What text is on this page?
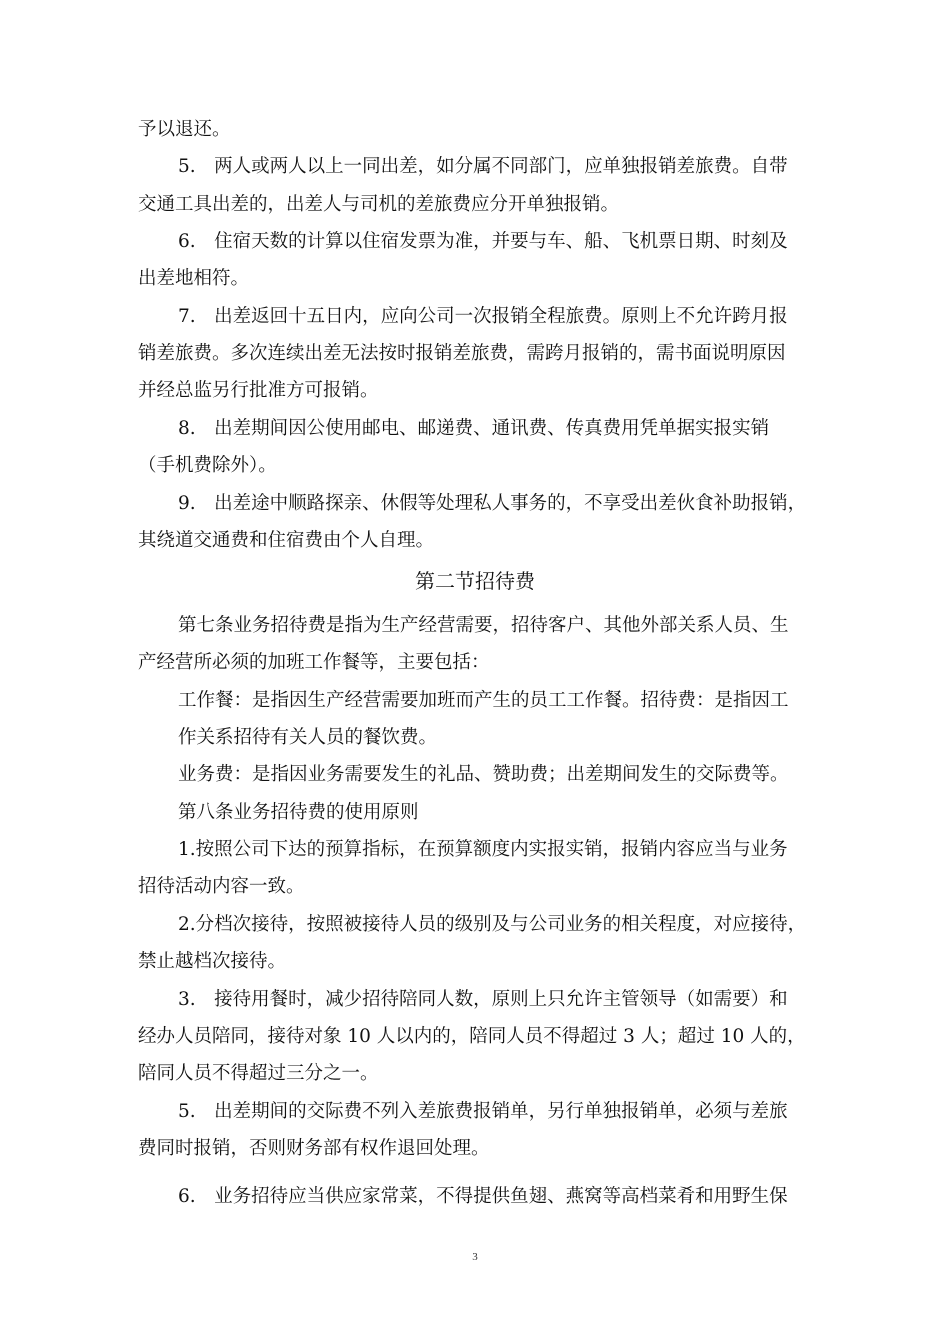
予以退还。
5.　两人或两人以上一同出差，如分属不同部门，应单独报销差旅费。自带
交通工具出差的，出差人与司机的差旅费应分开单独报销。
6.　住宿天数的计算以住宿发票为准，并要与车、船、飞机票日期、时刻及
出差地相符。
7.　出差返回十五日内，应向公司一次报销全程旅费。原则上不允许跨月报
销差旅费。多次连续出差无法按时报销差旅费，需跨月报销的，需书面说明原因
并经总监另行批准方可报销。
8.　出差期间因公使用邮电、邮递费、通讯费、传真费用凭单据实报实销
（手机费除外）。
9.　出差途中顺路探亲、休假等处理私人事务的，不享受出差伙食补助报销，
其绕道交通费和住宿费由个人自理。
第二节招待费
第七条业务招待费是指为生产经营需要，招待客户、其他外部关系人员、生
产经营所必须的加班工作餐等，主要包括：
工作餐：是指因生产经营需要加班而产生的员工工作餐。招待费：是指因工
作关系招待有关人员的餐饮费。
业务费：是指因业务需要发生的礼品、赞助费；出差期间发生的交际费等。
第八条业务招待费的使用原则
1.按照公司下达的预算指标，在预算额度内实报实销，报销内容应当与业务
招待活动内容一致。
2.分档次接待，按照被接待人员的级别及与公司业务的相关程度，对应接待，
禁止越档次接待。
3.　接待用餐时，减少招待陪同人数，原则上只允许主管领导（如需要）和
经办人员陪同，接待对象 10 人以内的，陪同人员不得超过 3 人；超过 10 人的，
陪同人员不得超过三分之一。
5.　出差期间的交际费不列入差旅费报销单，另行单独报销单，必须与差旅
费同时报销，否则财务部有权作退回处理。
6.　业务招待应当供应家常菜，不得提供鱼翅、燕窝等高档菜肴和用野生保
3
